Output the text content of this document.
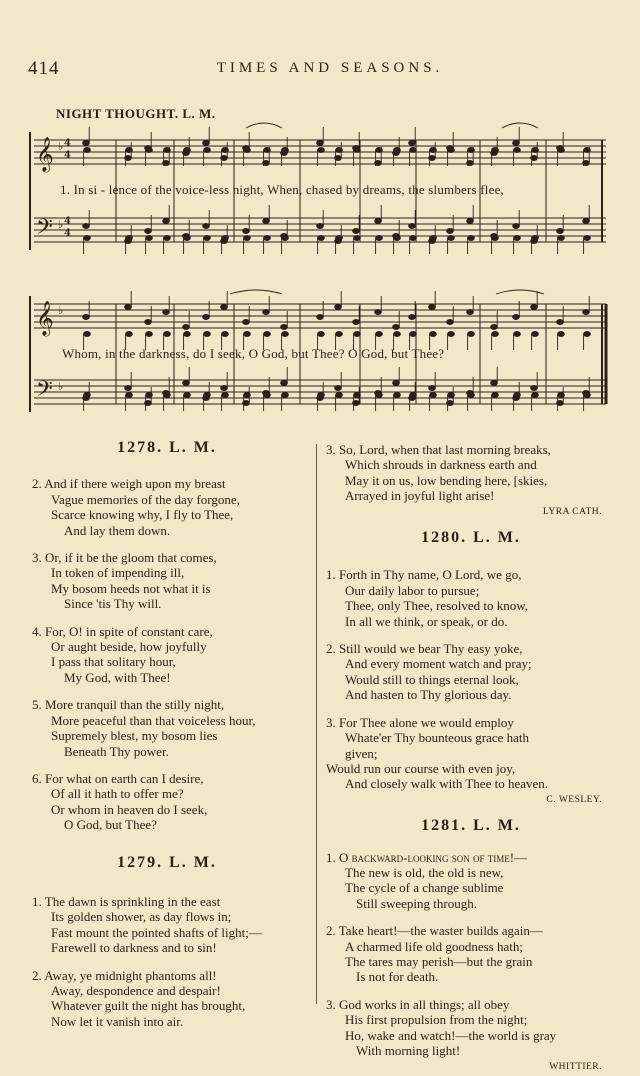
414	TIMES AND SEASONS.
NIGHT THOUGHT. L. M.
𝄞
𝄢
𝄞
𝄢
♭ 4
4
♭ 4
4
♭
♭
1. In si - lence of the voice-less night, When, chased by dreams, the slumbers flee,
Whom, in the darkness, do I seek, O God, but Thee? O God, but Thee?

1278. L. M.

2. And if there weigh upon my breast
Vague memories of the day forgone,
Scarce knowing why, I fly to Thee,
And lay them down.

3. Or, if it be the gloom that comes,
In token of impending ill,
My bosom heeds not what it is
Since 'tis Thy will.

4. For, O! in spite of constant care,
Or aught beside, how joyfully
I pass that solitary hour,
My God, with Thee!

5. More tranquil than the stilly night,
More peaceful than that voiceless hour,
Supremely blest, my bosom lies
Beneath Thy power.

6. For what on earth can I desire,
Of all it hath to offer me?
Or whom in heaven do I seek,
O God, but Thee?

1279. L. M.

1. The dawn is sprinkling in the east
Its golden shower, as day flows in;
Fast mount the pointed shafts of light;—
Farewell to darkness and to sin!

2. Away, ye midnight phantoms all!
Away, despondence and despair!
Whatever guilt the night has brought,
Now let it vanish into air.

3. So, Lord, when that last morning breaks,
Which shrouds in darkness earth and
May it on us, low bending here, [skies,
Arrayed in joyful light arise!

LYRA CATH.

1280. L. M.

1. Forth in Thy name, O Lord, we go,
Our daily labor to pursue;
Thee, only Thee, resolved to know,
In all we think, or speak, or do.

2. Still would we bear Thy easy yoke,
And every moment watch and pray;
Would still to things eternal look,
And hasten to Thy glorious day.

3. For Thee alone we would employ
Whate'er Thy bounteous grace hath
given;
Would run our course with even joy,
And closely walk with Thee to heaven.

C. WESLEY.

1281. L. M.

1. O backward-looking son of time!—
The new is old, the old is new,
The cycle of a change sublime
Still sweeping through.

2. Take heart!—the waster builds again—
A charmed life old goodness hath;
The tares may perish—but the grain
Is not for death.

3. God works in all things; all obey
His first propulsion from the night;
Ho, wake and watch!—the world is gray
With morning light!

WHITTIER.
